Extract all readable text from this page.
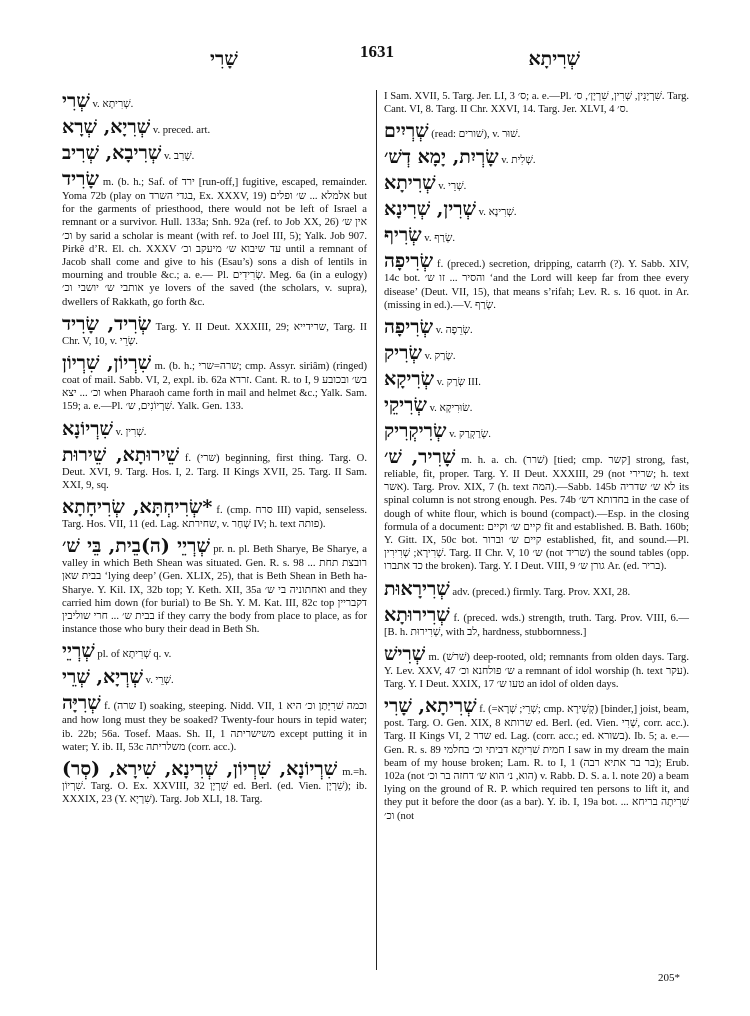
שָׁרִי	1631	שְׁרִיתָא

שְׁרִי v. שְׁרִיתָא.

שְׁרִיָא, שְׁרָא v. preced. art.

שְׁרִיבָא, שְׁרִיב v. שְׁרִב.

שָׂרִיד m. (b. h.; Saf. of ירד [run-off,] fugitive, escaped, remainder. Yoma 72b (play on בגדי השרד, Ex. XXXV, 19) אלמלא ... ש׳ ופלים but for the garments of priesthood, there would not be left of Israel a remnant or a survivor. Hull. 133a; Snh. 92a (ref. to Job XX, 26) אין ש׳ וכ׳ by sarid a scholar is meant (with ref. to Joel III, 5); Yalk. Job 907. Pirkê d’R. El. ch. XXXV עד שיבוא ש׳ מיעקב וכ׳ until a remnant of Jacob shall come and give to his (Esau’s) sons a dish of lentils in mourning and trouble &c.; a. e.— Pl. שְׂרִידִים. Meg. 6a (in a eulogy) אותבי ש׳ יושבי וכ׳ ye lovers of the saved (the scholars, v. supra), dwellers of Rakkath, go forth &c.

שְׂרִיד, שָׂרִיד Targ. Y. II Deut. XXXIII, 29; שרידייא, Targ. II Chr. V, 10, v. שְׂרֵי.

שִׁרְיוֹן, שִׁרְיוֹן m. (b. h.; שרה=שרי; cmp. Assyr. siriâm) (ringed) coat of mail. Sabb. VI, 2, expl. ib. 62a זרדא. Cant. R. to I, 9 בש׳ ובכובע וכ׳ ... יצא when Pharaoh came forth in mail and helmet &c.; Yalk. Sam. 159; a. e.—Pl. שִׁרְיוֹנִים, ש׳. Yalk. Gen. 133.

שִׁרְיוֹנָא v. שְׁרִין.

שֵׁירוּתָא, שֵׁירוּת f. (שרי) beginning, first thing. Targ. O. Deut. XVI, 9. Targ. Hos. I, 2. Targ. II Kings XVII, 25. Targ. II Sam. XXI, 9, sq.

*שְׂרִיחְתָּא, שְׂרִיחָתָא f. (cmp. סרח III) vapid, senseless. Targ. Hos. VII, 11 (ed. Lag. שחירתא, v. שְׁחַר IV; h. text פותה).

שְׁרְיֵי (ה)בֵית, בֵּי שׁ׳ pr. n. pl. Beth Sharye, Be Sharye, a valley in which Beth Shean was situated. Gen. R. s. 98 רובצת תחת ... בבית שאן ‘lying deep’ (Gen. XLIX, 25), that is Beth Shean in Beth ha-Sharye. Y. Kil. IX, 32b top; Y. Keth. XII, 35a ואחתוניה בי ש׳ and they carried him down (for burial) to Be Sh. Y. M. Kat. III, 82c top דקבריין בבית ש׳ ... חרי שוליבין if they carry the body from place to place, as for instance those who bury their dead in Beth Sh.

שְׁרְיֵי pl. of שְׁרִיתָא q. v.

שְׁרְיָא, שְׁרֵי v. שְׁרֵי.

שְׁרִיָּה f. (שרה I) soaking, steeping. Nidd. VII, 1 וכמה שׁרִיָּתַן וכ׳ היא and how long must they be soaked? Twenty-four hours in tepid water; ib. 22b; 56a. Tosef. Maas. Sh. II, 1 משישריתה except putting it in water; Y. ib. II, 53c משלריתה (corr. acc.).

שִׁרְיוֹנָא, שִׁרְיוֹן, שְׁרִינָא, שִׁירָא, (סְר) m.=h. שִׁרְיוֹן. Targ. O. Ex. XXVIII, 32 שִׁרְיָן ed. Berl. (ed. Vien. שִׁרְיָן); ib. XXXIX, 23 (Y. שִׁרְיָא). Targ. Job XLI, 18. Targ.

I Sam. XVII, 5. Targ. Jer. LI, 3 ס׳; a. e.—Pl. שִׁרְיָנִין, שְׁרִין, שִׁרְיָן׳, ס׳. Targ. Cant. VI, 8. Targ. II Chr. XXVI, 14. Targ. Jer. XLVI, 4 ס׳.

שְׁרְיִים (read: שׁורים), v. שׁוּר.

שָׂרְיִת, יָמָא דְשׁ׳ v. שְׁלִית.

שְׁרִיתָא v. שְׁרֵי.

שְׁרִין, שְׁרִינָא v. שְׁרִינָא.

שְׂרִיף v. שְׂרַף.

שְׂרִיפָה f. (preced.) secretion, dripping, catarrh (?). Y. Sabb. XIV, 14c bot. והסיר ... זו ש׳ ‘and the Lord will keep far from thee every disease’ (Deut. VII, 15), that means s’rifah; Lev. R. s. 16 quot. in Ar. (missing in ed.).—V. שְׂרַף.

שְׂרִיפָה v. שְׂרֵפָה.

שְׂרִיק v. שָׂרַק.

שְׂרִיקָא v. שְׂרַק III.

שְׂרִיקֵי v. שׂוּרִיקָא.

שְׂרִיקְרִיק v. שְׂרַקְרַק.

שָׁרִיר, שׁ׳ m. h. a. ch. (שׁרר) [tied; cmp. קשר] strong, fast, reliable, fit, proper. Targ. Y. II Deut. XXXIII, 29 (not שרירי; h. text אשר). Targ. Prov. XIX, 7 (h. text המה).—Sabb. 145b לא ש׳ שדריה its spinal column is not strong enough. Pes. 74b בחדותא דש׳ in the case of dough of white flour, which is bound (compact).—Esp. in the closing formula of a document: קיים ש׳ וקיים fit and established. B. Bath. 160b; Y. Gitt. IX, 50c bot. קיים ש׳ וברור established, fit, and sound.—Pl. שְׁרִירָא; שְׁרִירִין. Targ. II Chr. V, 10 ש׳ (not שריד) the sound tables (opp. כד אתברו the broken). Targ. Y. I Deut. VIII, 9 גורן ש׳ Ar. (ed. בריר).

שְׁרִירָאוּת adv. (preced.) firmly. Targ. Prov. XXI, 28.

שְׁרִירוּתָא f. (preced. wds.) strength, truth. Targ. Prov. VIII, 6.—[B. h. שְׁרִירוּת, with לב, hardness, stubbornness.]

שְׁרִישׁ m. (שׁרשׁ) deep-rooted, old; remnants from olden days. Targ. Y. Lev. XXV, 47 ש׳ פולחנא וכ׳ a remnant of idol worship (h. text עקר). Targ. Y. I Deut. XXIX, 17 טעו ש׳ an idol of olden days.

שְׁרִיתָא, שָׁרִי f. (=שְׁרֵי; שְׁרָא; cmp. קְשִׁירָא) [binder,] joist, beam, post. Targ. O. Gen. XIX, 8 שרותא ed. Berl. (ed. Vien. שְׁרִי, corr. acc.). Targ. II Kings VI, 2 שדר ed. Lag. (corr. acc.; ed. בשורא). Ib. 5; a. e.—Gen. R. s. 89 חמית שׁרִיתָא דביתי וכ׳ בחלמי I saw in my dream the main beam of my house broken; Lam. R. to I, 1 (בר בר אתיא רבה); Erub. 102a (not הוא, נ׳ הוא ש׳ דחזה בר וכ׳) v. Rabb. D. S. a. l. note 20) a beam lying on the ground of R. P. which required ten persons to lift it, and they put it before the door (as a bar). Y. ib. I, 19a bot. ... שׁרִיתָה בריחא וכ׳ (not

205*
